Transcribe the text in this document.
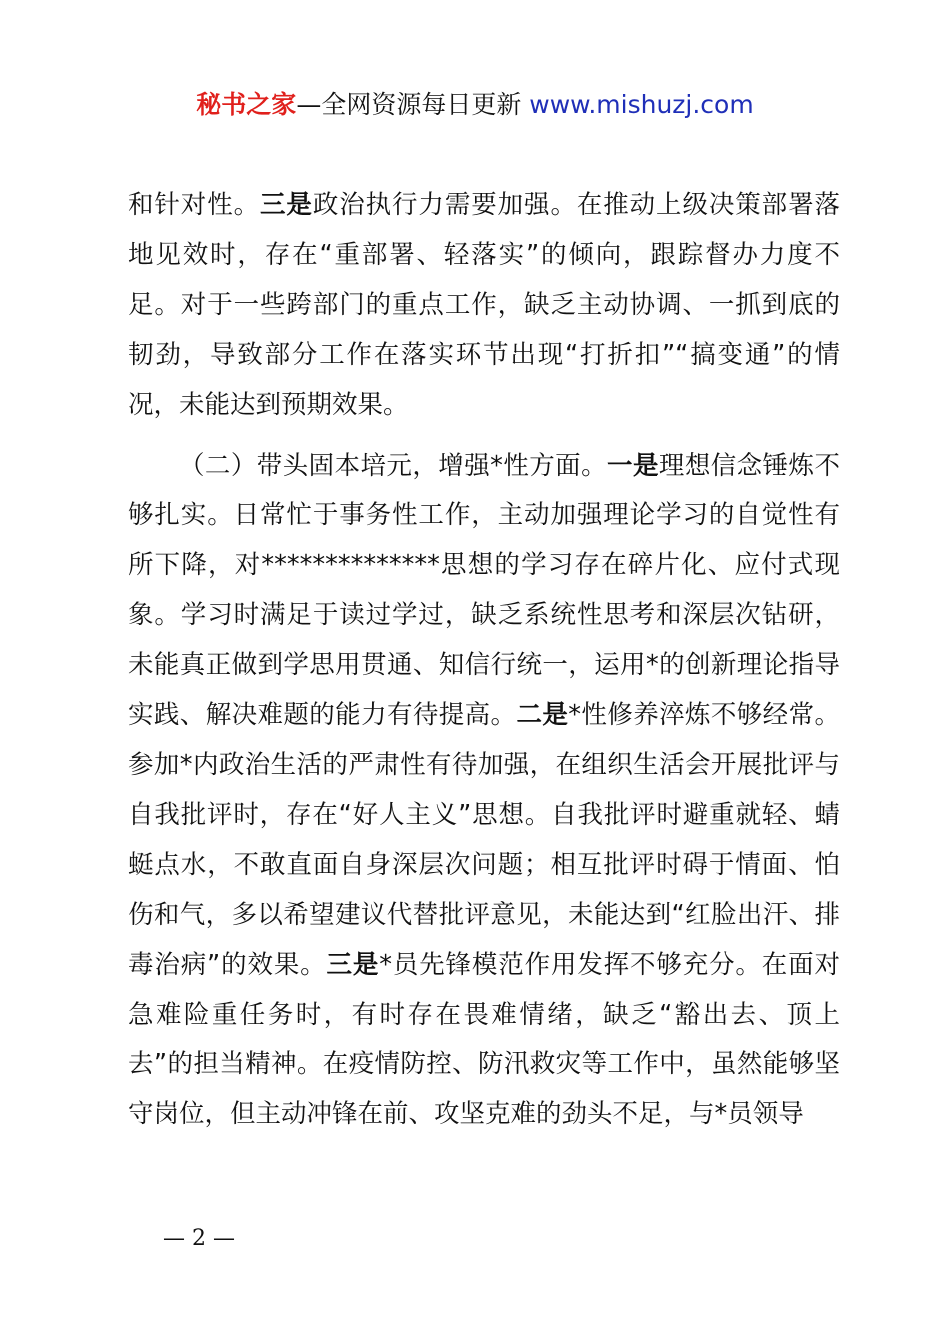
秘书之家—全网资源每日更新 www.mishuzj.com

和针对性。三是政治执行力需要加强。在推动上级决策部署落地见效时，存在“重部署、轻落实”的倾向，跟踪督办力度不足。对于一些跨部门的重点工作，缺乏主动协调、一抓到底的韧劲，导致部分工作在落实环节出现“打折扣”“搞变通”的情况，未能达到预期效果。

（二）带头固本培元，增强*性方面。一是理想信念锤炼不够扎实。日常忙于事务性工作，主动加强理论学习的自觉性有所下降，对**************思想的学习存在碎片化、应付式现象。学习时满足于读过学过，缺乏系统性思考和深层次钻研，未能真正做到学思用贯通、知信行统一，运用*的创新理论指导实践、解决难题的能力有待提高。二是*性修养淬炼不够经常。参加*内政治生活的严肃性有待加强，在组织生活会开展批评与自我批评时，存在“好人主义”思想。自我批评时避重就轻、蜻蜓点水，不敢直面自身深层次问题；相互批评时碍于情面、怕伤和气，多以希望建议代替批评意见，未能达到“红脸出汗、排毒治病”的效果。三是*员先锋模范作用发挥不够充分。在面对急难险重任务时，有时存在畏难情绪，缺乏“豁出去、顶上去”的担当精神。在疫情防控、防汛救灾等工作中，虽然能够坚守岗位，但主动冲锋在前、攻坚克难的劲头不足，与*员领导

— 2 —
